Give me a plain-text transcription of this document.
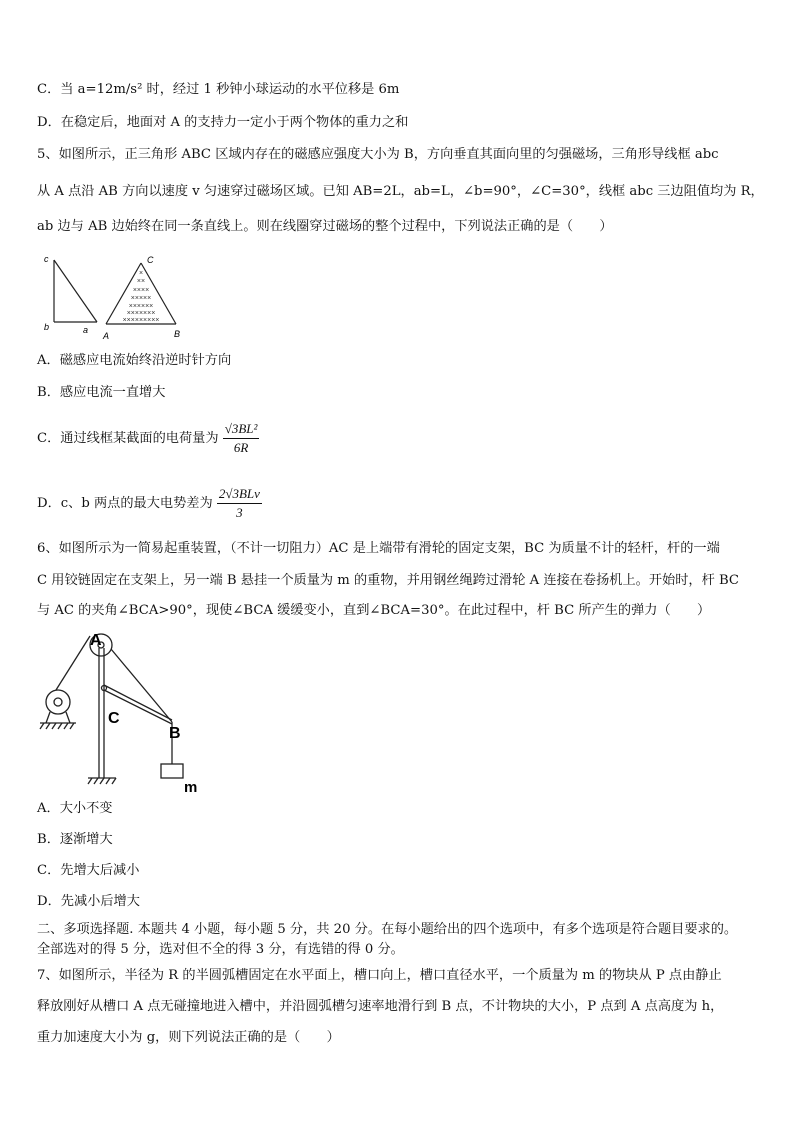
C．当 a=12m/s² 时，经过 1 秒钟小球运动的水平位移是 6m
D．在稳定后，地面对 A 的支持力一定小于两个物体的重力之和
5、如图所示，正三角形 ABC 区域内存在的磁感应强度大小为 B，方向垂直其面向里的匀强磁场，三角形导线框 abc
从 A 点沿 AB 方向以速度 v 匀速穿过磁场区域。已知 AB=2L，ab=L，∠b=90°，∠C=30°，线框 abc 三边阻值均为 R，
ab 边与 AB 边始终在同一条直线上。则在线圈穿过磁场的整个过程中，下列说法正确的是（　　）
c
b	a
A	B
C
×
××
××××
×××××
××××××
×××××××
×××××××××
A．磁感应电流始终沿逆时针方向
B．感应电流一直增大
C．通过线框某截面的电荷量为 $\frac{\text{√3BL²}}{6R}$
D．c、b 两点的最大电势差为 $\frac{\text{2√3BLv}}{3}$
6、如图所示为一简易起重装置，（不计一切阻力）AC 是上端带有滑轮的固定支架，BC 为质量不计的轻杆，杆的一端
C 用铰链固定在支架上，另一端 B 悬挂一个质量为 m 的重物，并用钢丝绳跨过滑轮 A 连接在卷扬机上。开始时，杆 BC
与 AC 的夹角∠BCA>90°，现使∠BCA 缓缓变小，直到∠BCA=30°。在此过程中，杆 BC 所产生的弹力（　　）
A
C
B
m
A．大小不变
B．逐渐增大
C．先增大后减小
D．先减小后增大
二、多项选择题. 本题共 4 小题，每小题 5 分，共 20 分。在每小题给出的四个选项中，有多个选项是符合题目要求的。
全部选对的得 5 分，选对但不全的得 3 分，有选错的得 0 分。
7、如图所示，半径为 R 的半圆弧槽固定在水平面上，槽口向上，槽口直径水平，一个质量为 m 的物块从 P 点由静止
释放刚好从槽口 A 点无碰撞地进入槽中，并沿圆弧槽匀速率地滑行到 B 点，不计物块的大小，P 点到 A 点高度为 h，
重力加速度大小为 g，则下列说法正确的是（　　）
